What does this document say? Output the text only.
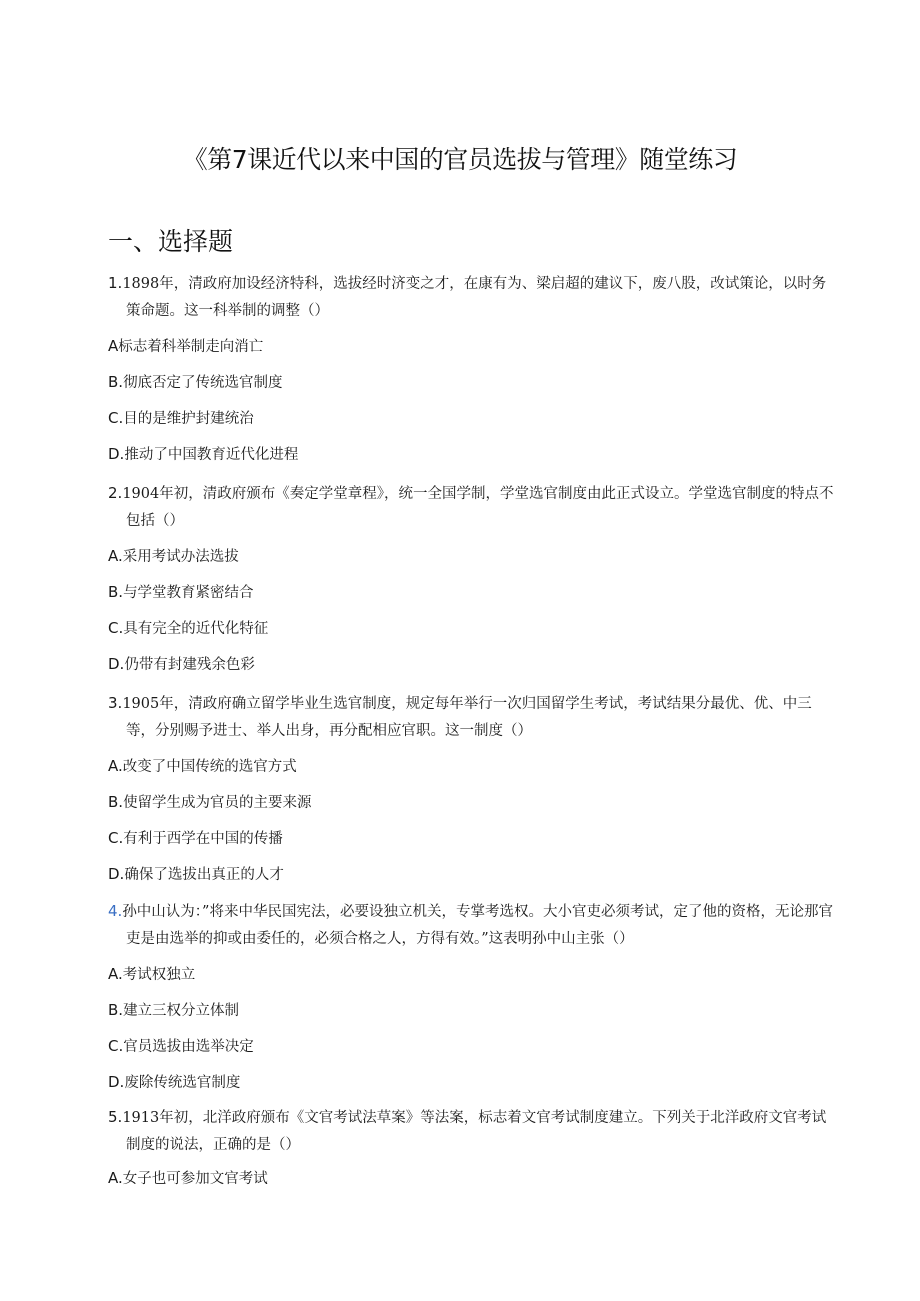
《第7课近代以来中国的官员选拔与管理》随堂练习
一、选择题
1.1898年，清政府加设经济特科，选拔经时济变之才，在康有为、梁启超的建议下，废八股，改试策论，以时务策命题。这一科举制的调整（）
A标志着科举制走向消亡
B.彻底否定了传统选官制度
C.目的是维护封建统治
D.推动了中国教育近代化进程
2.1904年初，清政府颁布《奏定学堂章程》，统一全国学制，学堂选官制度由此正式设立。学堂选官制度的特点不包括（）
A.采用考试办法选拔
B.与学堂教育紧密结合
C.具有完全的近代化特征
D.仍带有封建残余色彩
3.1905年，清政府确立留学毕业生选官制度，规定每年举行一次归国留学生考试，考试结果分最优、优、中三等，分别赐予进士、举人出身，再分配相应官职。这一制度（）
A.改变了中国传统的选官方式
B.使留学生成为官员的主要来源
C.有利于西学在中国的传播
D.确保了选拔出真正的人才
4.孙中山认为：”将来中华民国宪法，必要设独立机关，专掌考选权。大小官吏必须考试，定了他的资格，无论那官吏是由选举的抑或由委任的，必须合格之人，方得有效。”这表明孙中山主张（）
A.考试权独立
B.建立三权分立体制
C.官员选拔由选举决定
D.废除传统选官制度
5.1913年初，北洋政府颁布《文官考试法草案》等法案，标志着文官考试制度建立。下列关于北洋政府文官考试制度的说法，正确的是（）
A.女子也可参加文官考试
